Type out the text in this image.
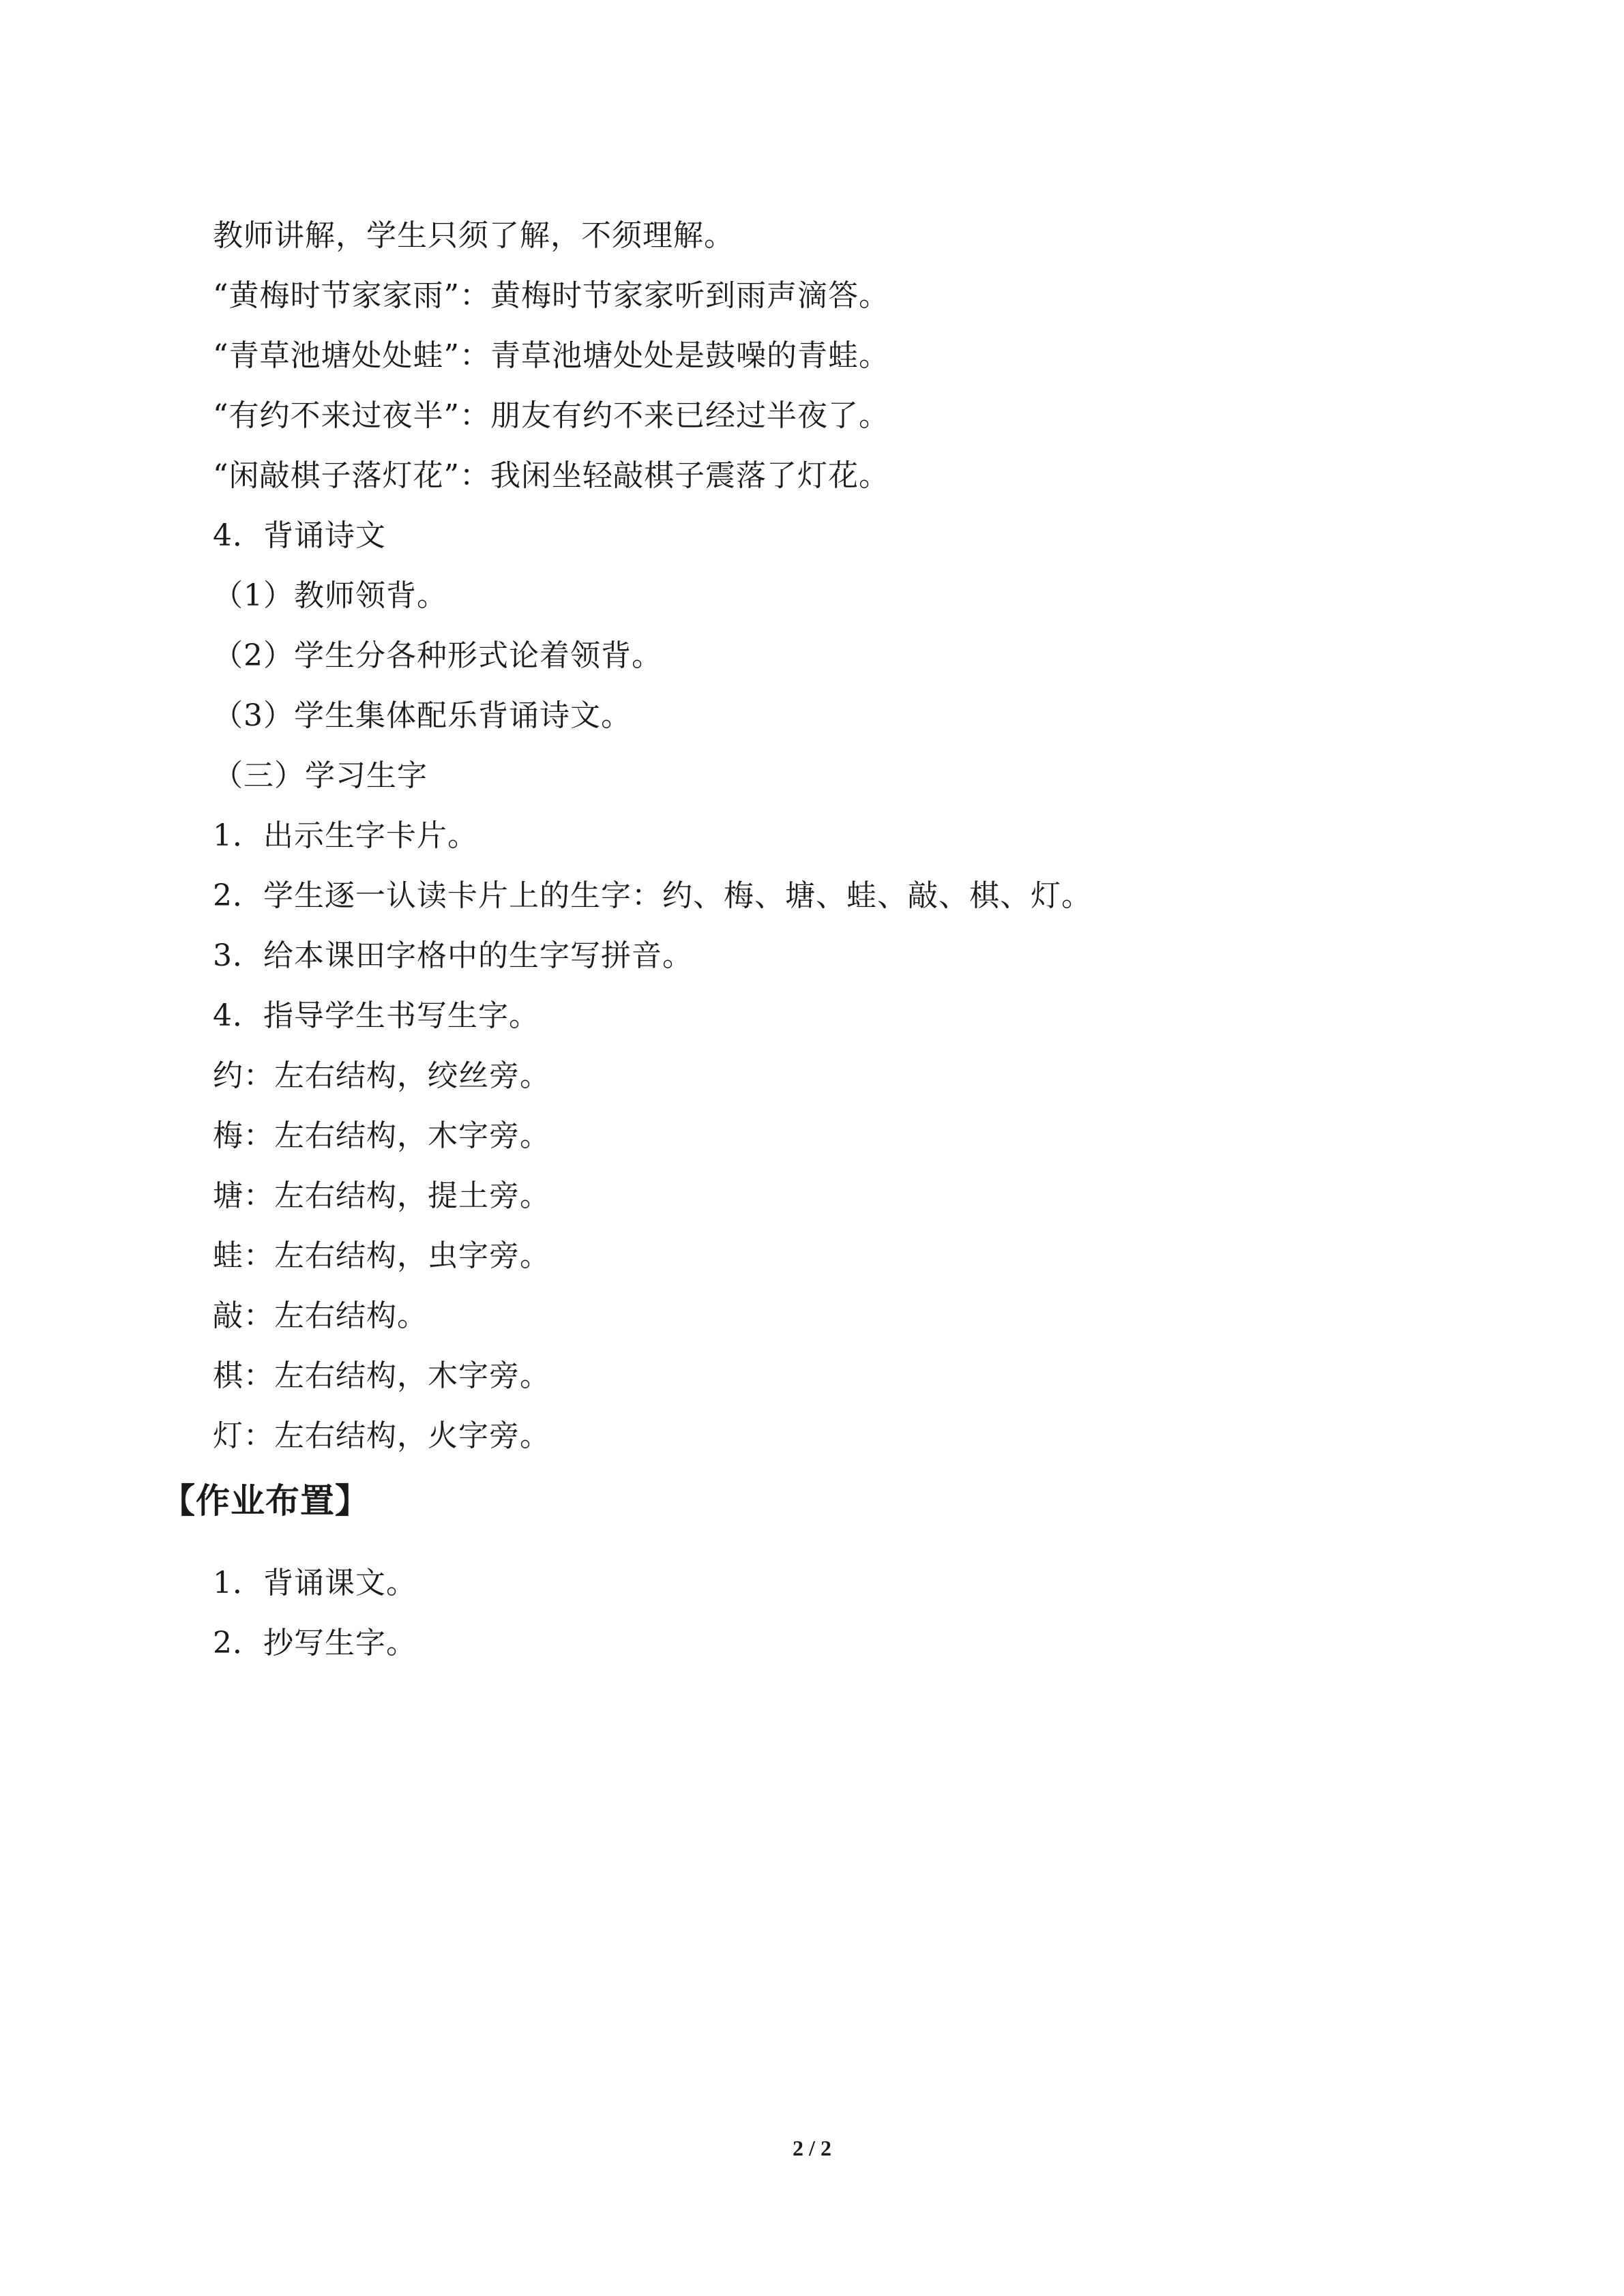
教师讲解，学生只须了解，不须理解。
“黄梅时节家家雨”：黄梅时节家家听到雨声滴答。
“青草池塘处处蛙”：青草池塘处处是鼓噪的青蛙。
“有约不来过夜半”：朋友有约不来已经过半夜了。
“闲敲棋子落灯花”：我闲坐轻敲棋子震落了灯花。
4．背诵诗文
（1）教师领背。
（2）学生分各种形式论着领背。
（3）学生集体配乐背诵诗文。
（三）学习生字
1．出示生字卡片。
2．学生逐一认读卡片上的生字：约、梅、塘、蛙、敲、棋、灯。
3．给本课田字格中的生字写拼音。
4．指导学生书写生字。
约：左右结构，绞丝旁。
梅：左右结构，木字旁。
塘：左右结构，提土旁。
蛙：左右结构，虫字旁。
敲：左右结构。
棋：左右结构，木字旁。
灯：左右结构，火字旁。
【作业布置】
1．背诵课文。
2．抄写生字。
2 / 2
